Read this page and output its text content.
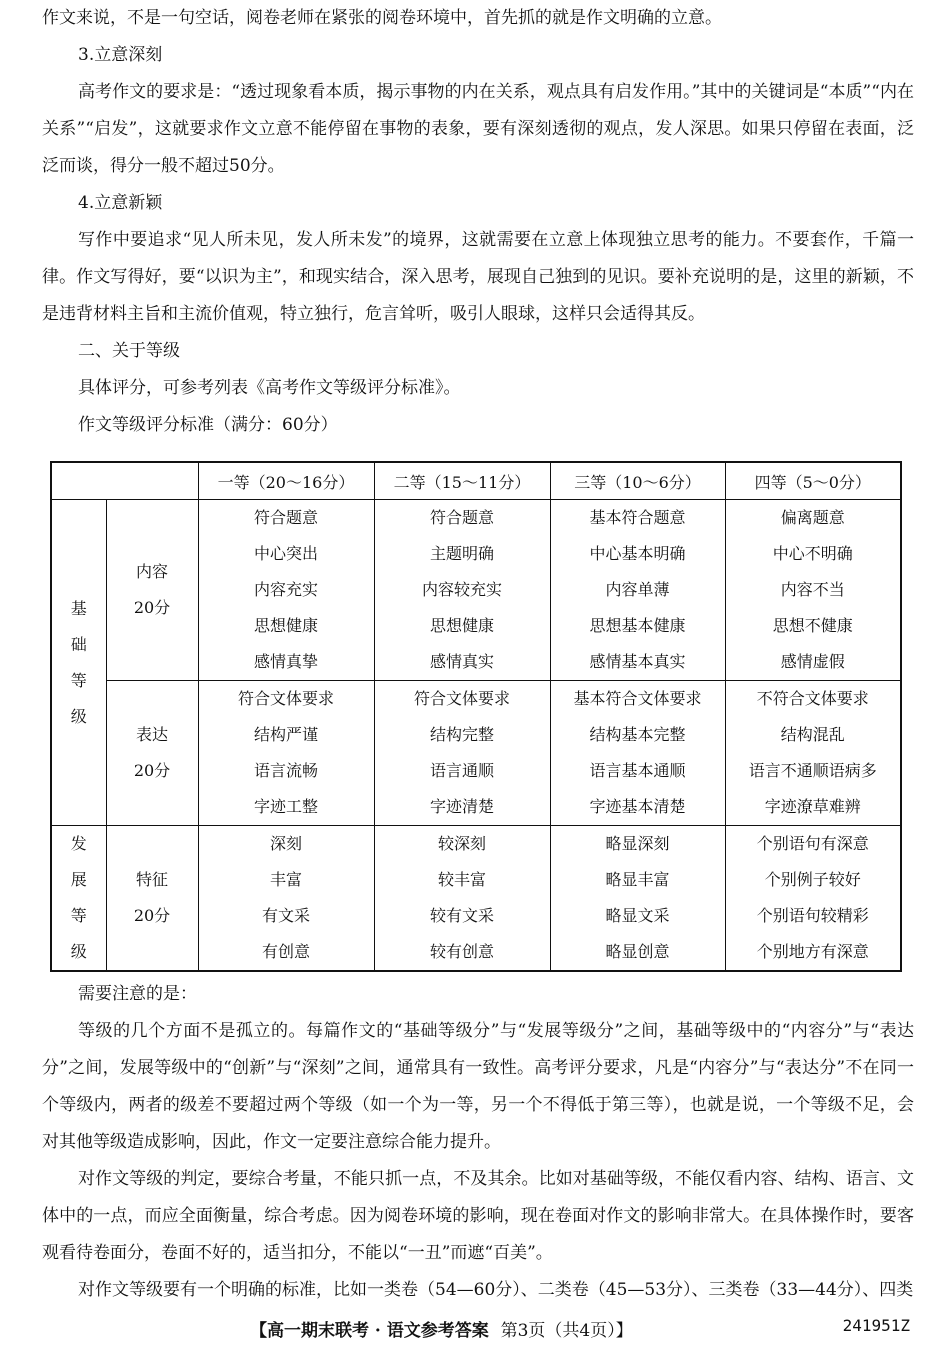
作文来说，不是一句空话，阅卷老师在紧张的阅卷环境中，首先抓的就是作文明确的立意。

3.立意深刻

高考作文的要求是：“透过现象看本质，揭示事物的内在关系，观点具有启发作用。”其中的关键词是“本质”“内在关系”“启发”，这就要求作文立意不能停留在事物的表象，要有深刻透彻的观点，发人深思。如果只停留在表面，泛泛而谈，得分一般不超过50分。

4.立意新颖

写作中要追求“见人所未见，发人所未发”的境界，这就需要在立意上体现独立思考的能力。不要套作，千篇一律。作文写得好，要“以识为主”，和现实结合，深入思考，展现自己独到的见识。要补充说明的是，这里的新颖，不是违背材料主旨和主流价值观，特立独行，危言耸听，吸引人眼球，这样只会适得其反。

二、关于等级

具体评分，可参考列表《高考作文等级评分标准》。

作文等级评分标准（满分：60分）

		一等（20～16分）	二等（15～11分）	三等（10～6分）	四等（5～0分）

基
础
等
级	内容
20分	符合题意
中心突出
内容充实
思想健康
感情真挚	符合题意
主题明确
内容较充实
思想健康
感情真实	基本符合题意
中心基本明确
内容单薄
思想基本健康
感情基本真实	偏离题意
中心不明确
内容不当
思想不健康
感情虚假

	表达
20分	符合文体要求
结构严谨
语言流畅
字迹工整	符合文体要求
结构完整
语言通顺
字迹清楚	基本符合文体要求
结构基本完整
语言基本通顺
字迹基本清楚	不符合文体要求
结构混乱
语言不通顺语病多
字迹潦草难辨

发
展
等
级	特征
20分	深刻
丰富
有文采
有创意	较深刻
较丰富
较有文采
较有创意	略显深刻
略显丰富
略显文采
略显创意	个别语句有深意
个别例子较好
个别语句较精彩
个别地方有深意

需要注意的是：

等级的几个方面不是孤立的。每篇作文的“基础等级分”与“发展等级分”之间，基础等级中的“内容分”与“表达分”之间，发展等级中的“创新”与“深刻”之间，通常具有一致性。高考评分要求，凡是“内容分”与“表达分”不在同一个等级内，两者的级差不要超过两个等级（如一个为一等，另一个不得低于第三等），也就是说，一个等级不足，会对其他等级造成影响，因此，作文一定要注意综合能力提升。

对作文等级的判定，要综合考量，不能只抓一点，不及其余。比如对基础等级，不能仅看内容、结构、语言、文体中的一点，而应全面衡量，综合考虑。因为阅卷环境的影响，现在卷面对作文的影响非常大。在具体操作时，要客观看待卷面分，卷面不好的，适当扣分，不能以“一丑”而遮“百美”。

对作文等级要有一个明确的标准，比如一类卷（54—60分）、二类卷（45—53分）、三类卷（33—44分）、四类

【高一期末联考 · 语文参考答案 第3页（共4页）】	241951Z
